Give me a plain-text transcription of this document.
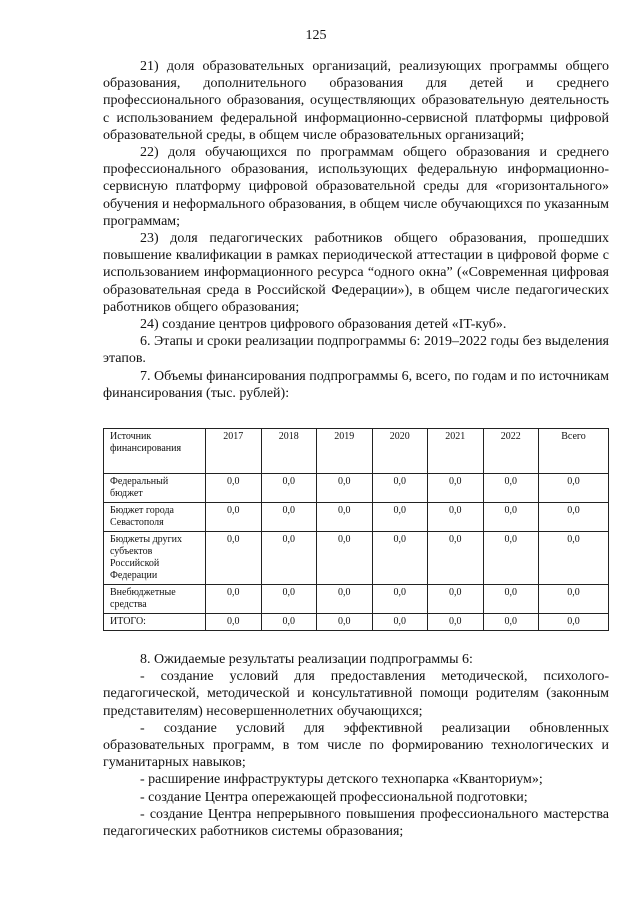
125

21) доля образовательных организаций, реализующих программы общего образования, дополнительного образования для детей и среднего профессионального образования, осуществляющих образовательную деятельность с использованием федеральной информационно-сервисной платформы цифровой образовательной среды, в общем числе образовательных организаций;

22) доля обучающихся по программам общего образования и среднего профессионального образования, использующих федеральную информационно-сервисную платформу цифровой образовательной среды для «горизонтального» обучения и неформального образования, в общем числе обучающихся по указанным программам;

23) доля педагогических работников общего образования, прошедших повышение квалификации в рамках периодической аттестации в цифровой форме с использованием информационного ресурса “одного окна” («Современная цифровая образовательная среда в Российской Федерации»), в общем числе педагогических работников общего образования;

24) создание центров цифрового образования детей «IT-куб».

6. Этапы и сроки реализации подпрограммы 6: 2019–2022 годы без выделения этапов.

7. Объемы финансирования подпрограммы 6, всего, по годам и по источникам финансирования (тыс. рублей):

Источник финансирования	2017	2018	2019	2020	2021	2022	Всего
Федеральный бюджет	0,0	0,0	0,0	0,0	0,0	0,0	0,0
Бюджет города Севастополя	0,0	0,0	0,0	0,0	0,0	0,0	0,0
Бюджеты других субъектов Российской Федерации	0,0	0,0	0,0	0,0	0,0	0,0	0,0
Внебюджетные средства	0,0	0,0	0,0	0,0	0,0	0,0	0,0
ИТОГО:	0,0	0,0	0,0	0,0	0,0	0,0	0,0

8. Ожидаемые результаты реализации подпрограммы 6:

- создание условий для предоставления методической, психолого-педагогической, методической и консультативной помощи родителям (законным представителям) несовершеннолетних обучающихся;

- создание условий для эффективной реализации обновленных образовательных программ, в том числе по формированию технологических и гуманитарных навыков;

- расширение инфраструктуры детского технопарка «Кванториум»;

- создание Центра опережающей профессиональной подготовки;

- создание Центра непрерывного повышения профессионального мастерства педагогических работников системы образования;
